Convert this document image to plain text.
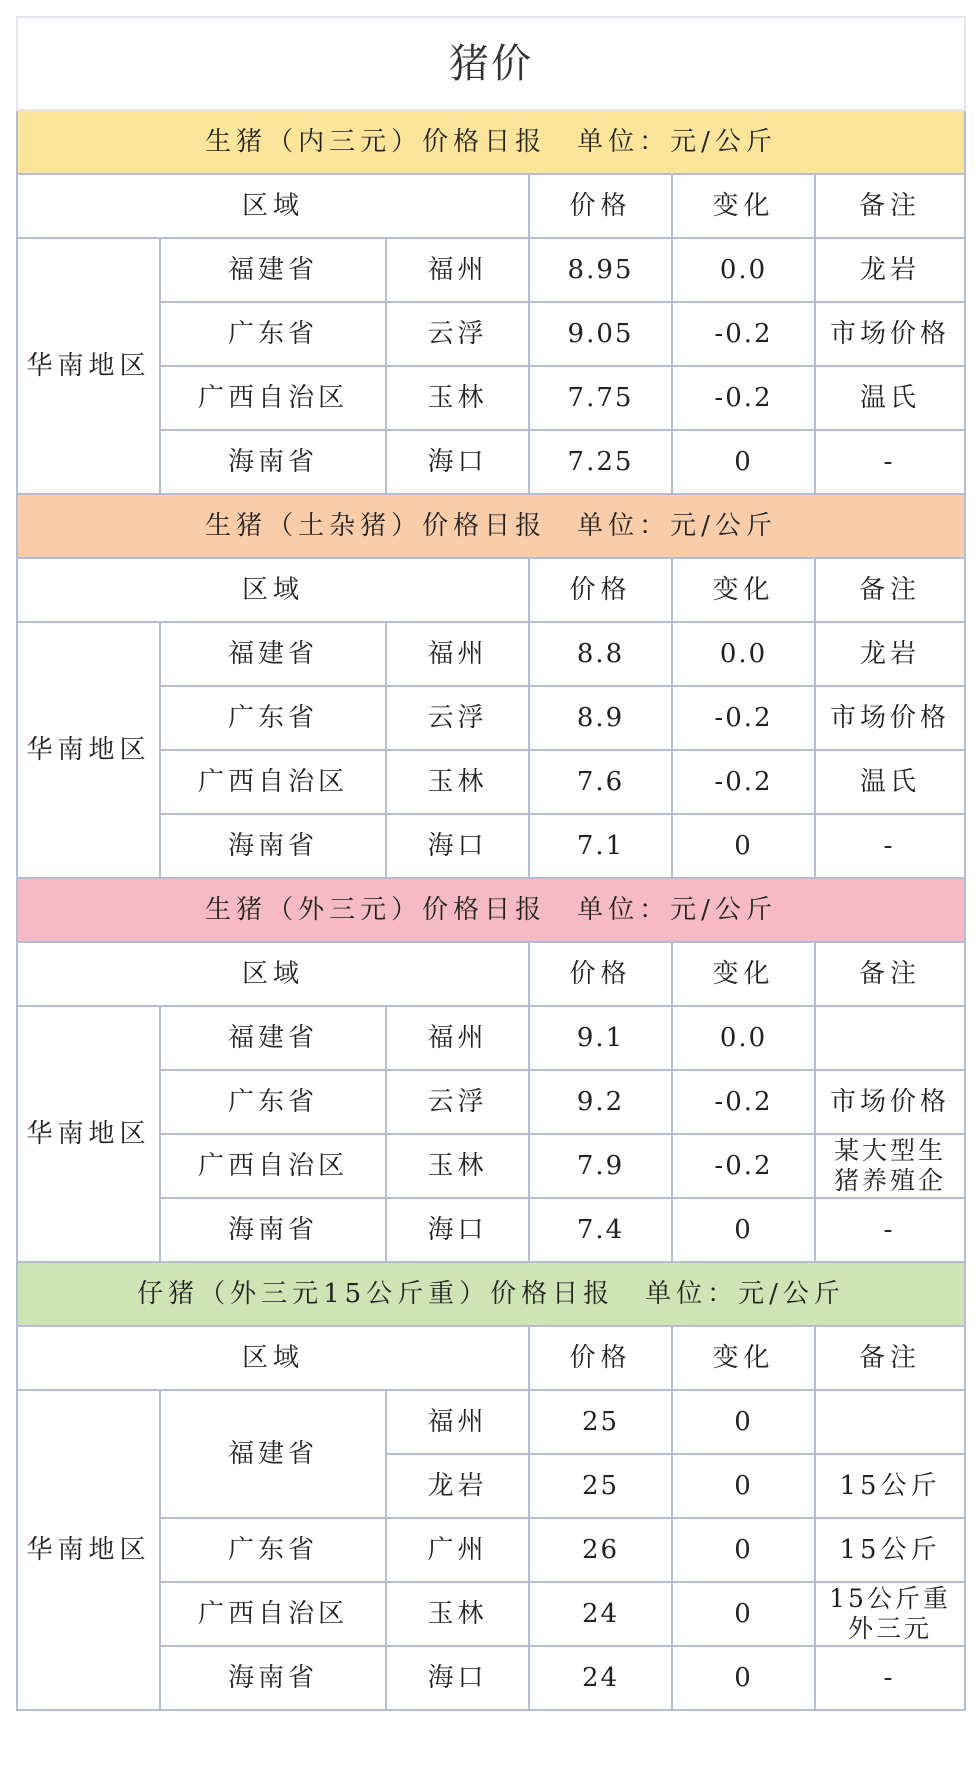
猪价					
生猪（内三元）价格日报　单位：元/公斤					
区域			价格	变化	备注
华南地区	福建省	福州	8.95	0.0	龙岩
	广东省	云浮	9.05	-0.2	市场价格
	广西自治区	玉林	7.75	-0.2	温氏
	海南省	海口	7.25	0	-
生猪（土杂猪）价格日报　单位：元/公斤					
区域			价格	变化	备注
华南地区	福建省	福州	8.8	0.0	龙岩
	广东省	云浮	8.9	-0.2	市场价格
	广西自治区	玉林	7.6	-0.2	温氏
	海南省	海口	7.1	0	-
生猪（外三元）价格日报　单位：元/公斤					
区域			价格	变化	备注
华南地区	福建省	福州	9.1	0.0	
	广东省	云浮	9.2	-0.2	市场价格
	广西自治区	玉林	7.9	-0.2	某大型生
猪养殖企

	海南省	海口	7.4	0	-
仔猪（外三元15公斤重）价格日报　单位：元/公斤					
区域			价格	变化	备注
华南地区	福建省	福州	25	0	
		龙岩	25	0	15公斤
	广东省	广州	26	0	15公斤
	广西自治区	玉林	24	0	15公斤重
外三元

	海南省	海口	24	0	-
